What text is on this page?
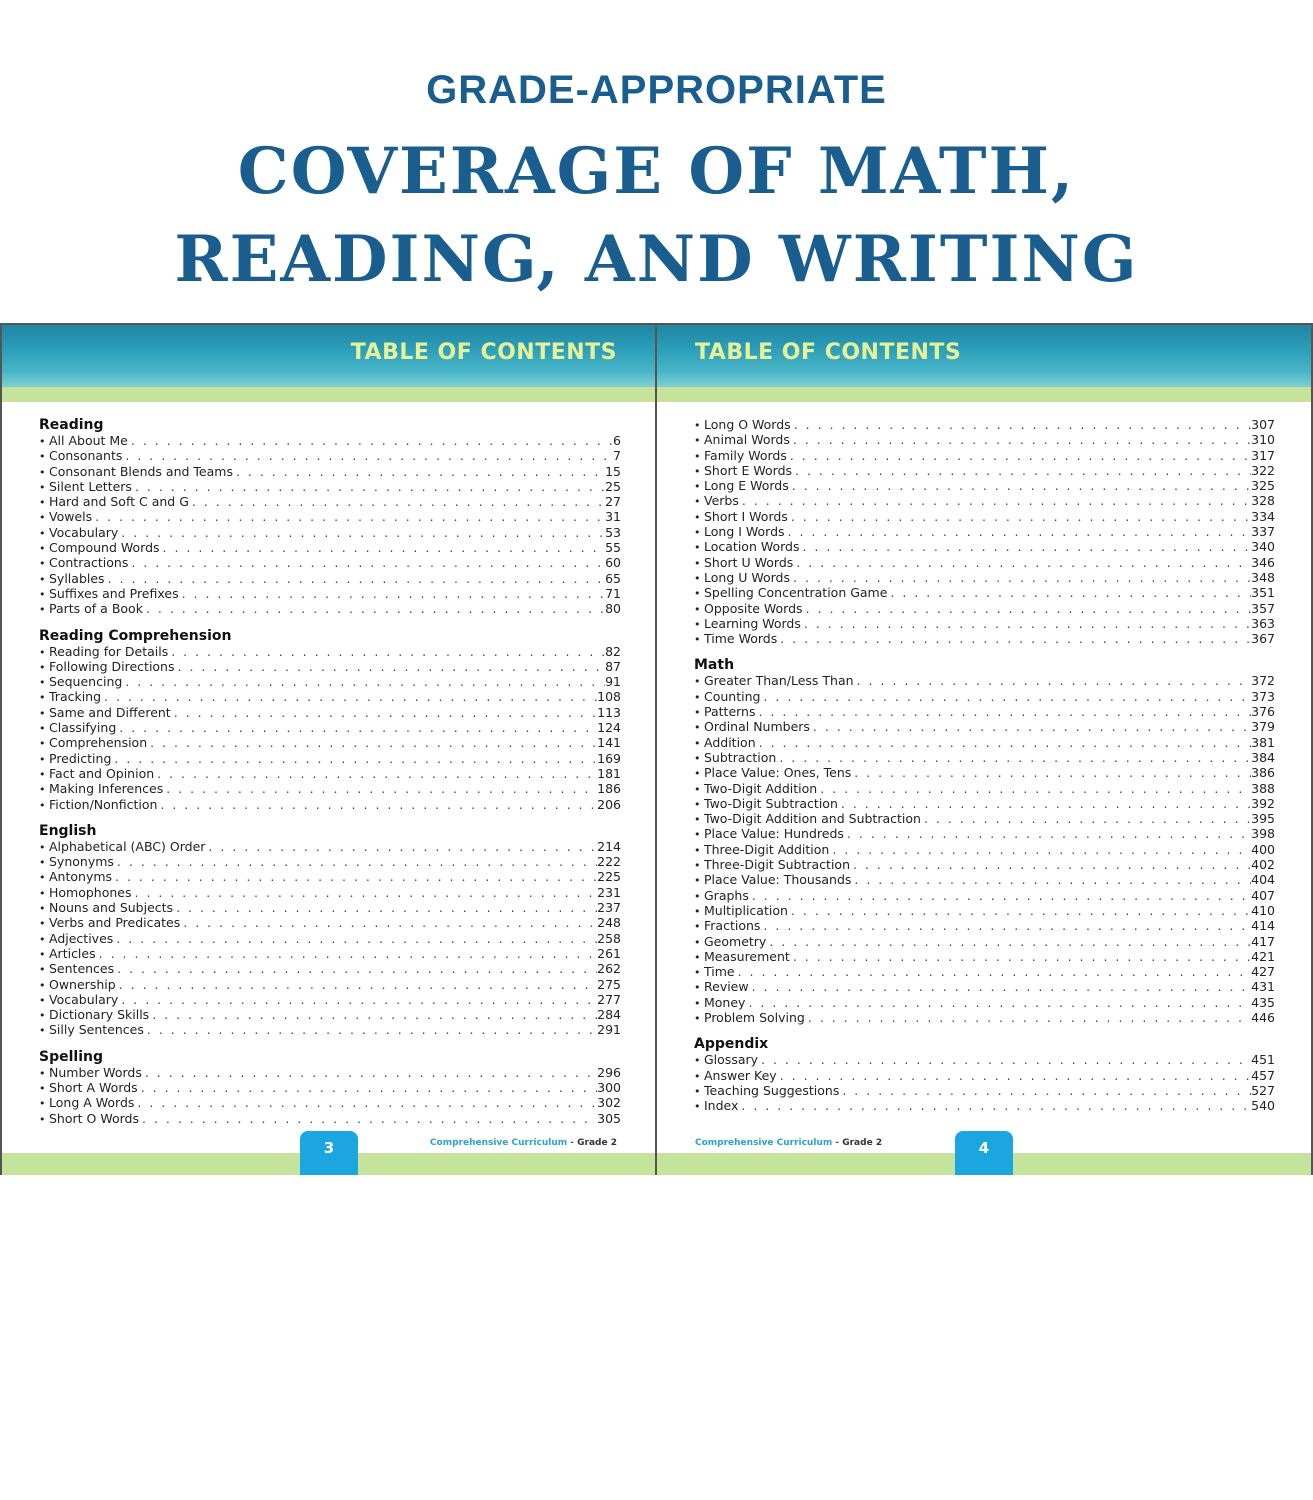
GRADE-APPROPRIATE
COVERAGE OF MATH,
READING, AND WRITING
TABLE OF CONTENTS
Reading
• All About Me . . .	6
• Consonants . . .	7
• Consonant Blends and Teams . . .	15
• Silent Letters . . .	25
• Hard and Soft C and G . . .	27
• Vowels . . .	31
• Vocabulary . . .	53
• Compound Words . . .	55
• Contractions . . .	60
• Syllables . . .	65
• Suffixes and Prefixes . . .	71
• Parts of a Book . . .	80
Reading Comprehension
• Reading for Details . . .	82
• Following Directions . . .	87
• Sequencing . . .	91
• Tracking . . .	108
• Same and Different . . .	113
• Classifying . . .	124
• Comprehension . . .	141
• Predicting . . .	169
• Fact and Opinion . . .	181
• Making Inferences . . .	186
• Fiction/Nonfiction . . .	206
English
• Alphabetical (ABC) Order . . .	214
• Synonyms . . .	222
• Antonyms . . .	225
• Homophones . . .	231
• Nouns and Subjects . . .	237
• Verbs and Predicates . . .	248
• Adjectives . . .	258
• Articles . . .	261
• Sentences . . .	262
• Ownership . . .	275
• Vocabulary . . .	277
• Dictionary Skills . . .	284
• Silly Sentences . . .	291
Spelling
• Number Words . . .	296
• Short A Words . . .	300
• Long A Words . . .	302
• Short O Words . . .	305
3	Comprehensive Curriculum - Grade 2
TABLE OF CONTENTS
• Long O Words . . .	307
• Animal Words . . .	310
• Family Words . . .	317
• Short E Words . . .	322
• Long E Words . . .	325
• Verbs . . .	328
• Short I Words . . .	334
• Long I Words . . .	337
• Location Words . . .	340
• Short U Words . . .	346
• Long U Words . . .	348
• Spelling Concentration Game . . .	351
• Opposite Words . . .	357
• Learning Words . . .	363
• Time Words . . .	367
Math
• Greater Than/Less Than . . .	372
• Counting . . .	373
• Patterns . . .	376
• Ordinal Numbers . . .	379
• Addition . . .	381
• Subtraction . . .	384
• Place Value: Ones, Tens . . .	386
• Two-Digit Addition . . .	388
• Two-Digit Subtraction . . .	392
• Two-Digit Addition and Subtraction . . .	395
• Place Value: Hundreds . . .	398
• Three-Digit Addition . . .	400
• Three-Digit Subtraction . . .	402
• Place Value: Thousands . . .	404
• Graphs . . .	407
• Multiplication . . .	410
• Fractions . . .	414
• Geometry . . .	417
• Measurement . . .	421
• Time . . .	427
• Review . . .	431
• Money . . .	435
• Problem Solving . . .	446
Appendix
• Glossary . . .	451
• Answer Key . . .	457
• Teaching Suggestions . . .	527
• Index . . .	540
4
Comprehensive Curriculum - Grade 2
